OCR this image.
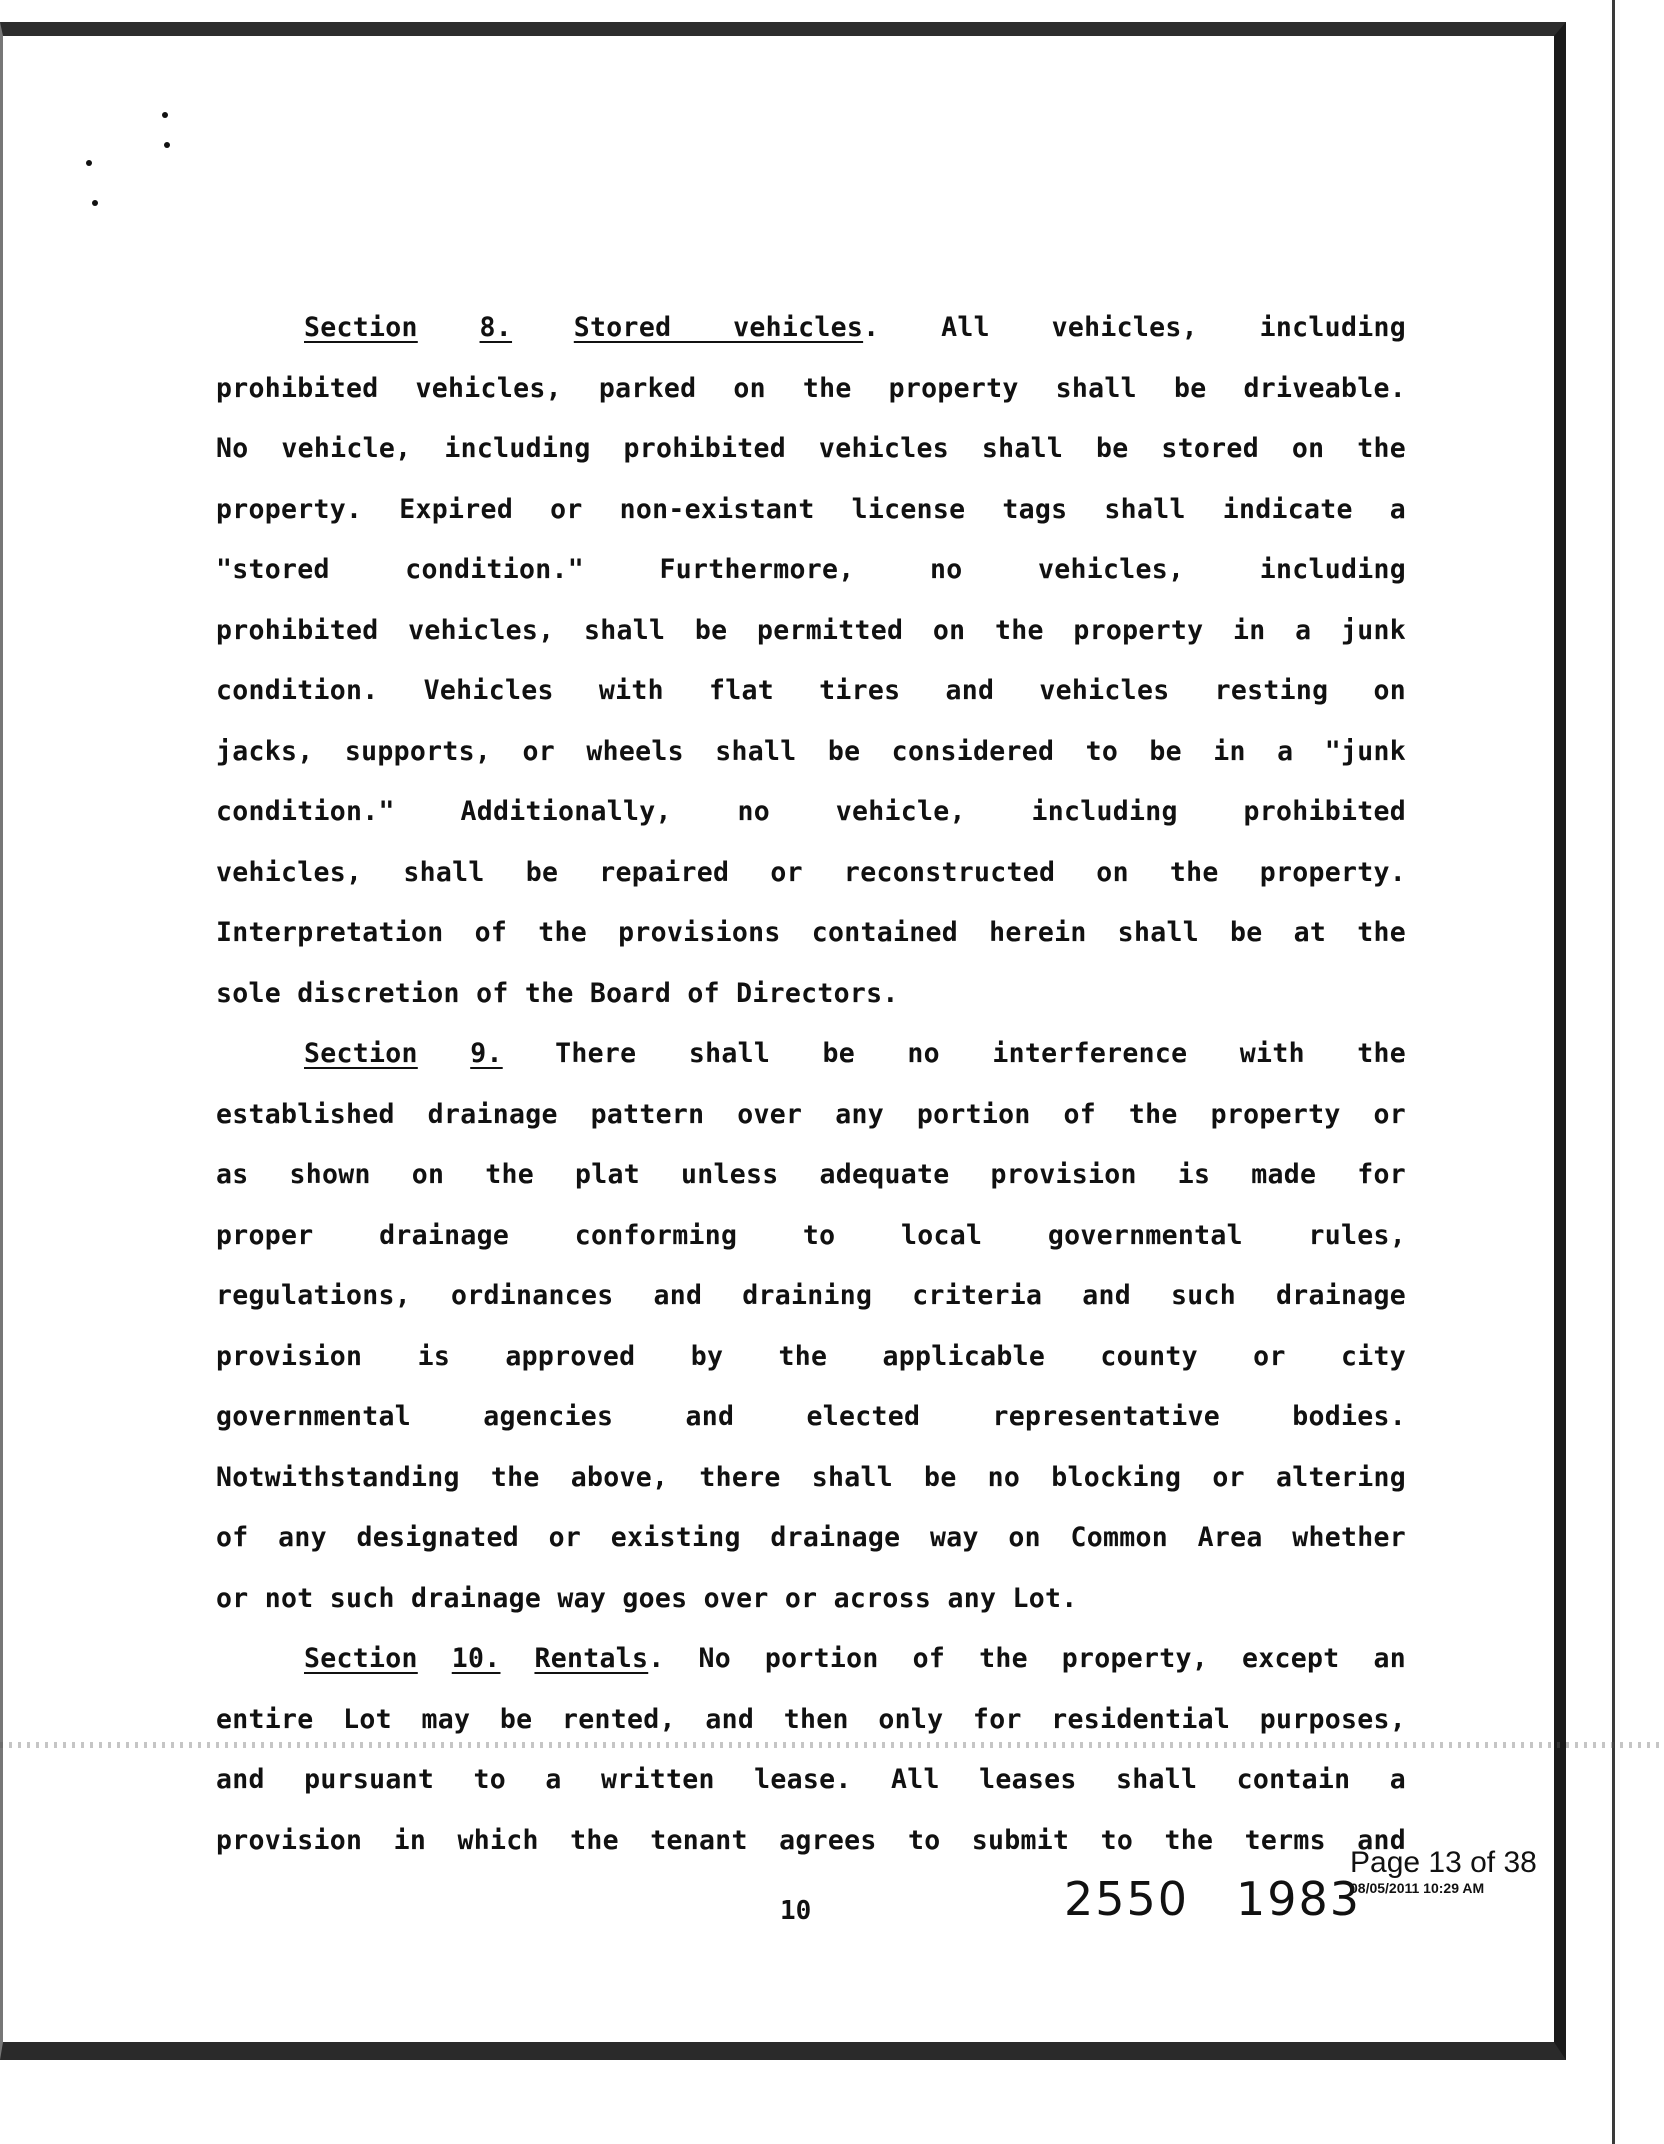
Section 8. Stored vehicles. All vehicles, including
prohibited vehicles, parked on the property shall be driveable.
No vehicle, including prohibited vehicles shall be stored on the
property. Expired or non-existant license tags shall indicate a
"stored condition." Furthermore, no vehicles, including
prohibited vehicles, shall be permitted on the property in a junk
condition. Vehicles with flat tires and vehicles resting on
jacks, supports, or wheels shall be considered to be in a "junk
condition." Additionally, no vehicle, including prohibited
vehicles, shall be repaired or reconstructed on the property.
Interpretation of the provisions contained herein shall be at the
sole discretion of the Board of Directors.
Section 9. There shall be no interference with the
established drainage pattern over any portion of the property or
as shown on the plat unless adequate provision is made for
proper drainage conforming to local governmental rules,
regulations, ordinances and draining criteria and such drainage
provision is approved by the applicable county or city
governmental agencies and elected representative bodies.
Notwithstanding the above, there shall be no blocking or altering
of any designated or existing drainage way on Common Area whether
or not such drainage way goes over or across any Lot.
Section 10. Rentals. No portion of the property, except an
entire Lot may be rented, and then only for residential purposes,
and pursuant to a written lease. All leases shall contain a
provision in which the tenant agrees to submit to the terms and
10	2550 1983
Page 13 of 38
08/05/2011 10:29 AM
